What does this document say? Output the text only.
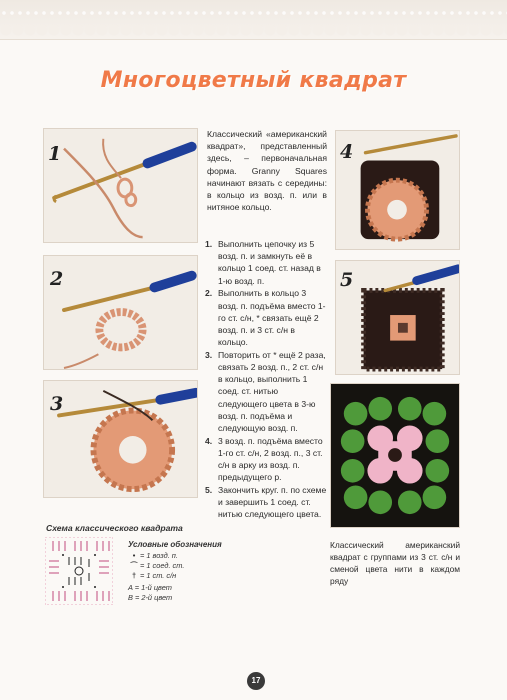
Многоцветный квадрат
1
2
3
4
5

Классический «американский квадрат», представленный здесь, – первоначальная форма. Granny Squares начинают вязать с середины: в кольцо из возд. п. или в нитяное кольцо.

1. Выполнить цепочку из 5 возд. п. и замкнуть её в кольцо 1 соед. ст. назад в 1-ю возд. п.
2. Выполнить в кольцо 3 возд. п. подъёма вместо 1-го ст. с/н, * связать ещё 2 возд. п. и 3 ст. с/н в кольцо.
3. Повторить от * ещё 2 раза, связать 2 возд. п., 2 ст. с/н в кольцо, выполнить 1 соед. ст. нитью следующего цвета в 3-ю возд. п. подъёма и следующую возд. п.
4. 3 возд. п. подъёма вместо 1-го ст. с/н, 2 возд. п., 3 ст. с/н в арку из возд. п. предыдущего р.
5. Закончить круг. п. по схеме и завершить 1 соед. ст. нитью следующего цвета.

Классический американский квадрат с группами из 3 ст. с/н и сменой цвета нити в каждом ряду

Схема классического квадрата
Условные обозначения
• = 1 возд. п.
⌒ = 1 соед. ст.
† = 1 ст. с/н
A = 1-й цвет
B = 2-й цвет
17
